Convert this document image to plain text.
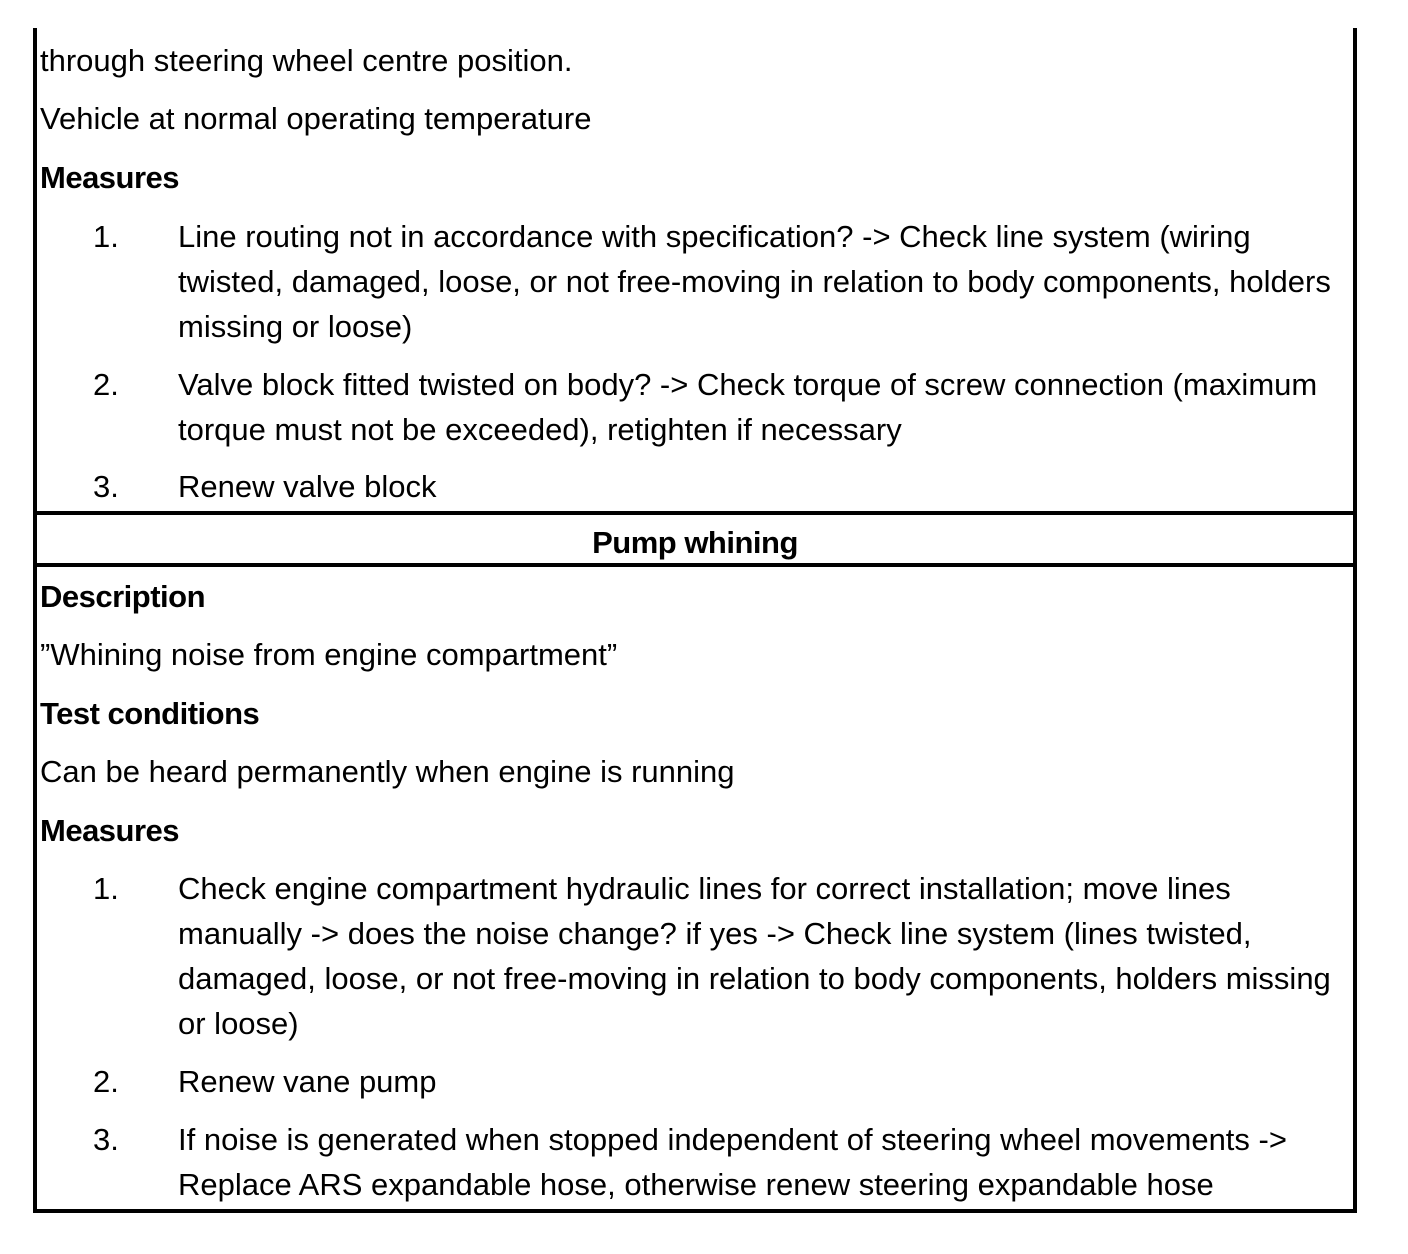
through steering wheel centre position.
Vehicle at normal operating temperature
Measures
1. Line routing not in accordance with specification? -> Check line system (wiring twisted, damaged, loose, or not free-moving in relation to body components, holders missing or loose)
2. Valve block fitted twisted on body? -> Check torque of screw connection (maximum torque must not be exceeded), retighten if necessary
3. Renew valve block
Pump whining
Description
”Whining noise from engine compartment”
Test conditions
Can be heard permanently when engine is running
Measures
1. Check engine compartment hydraulic lines for correct installation; move lines manually -> does the noise change? if yes -> Check line system (lines twisted, damaged, loose, or not free-moving in relation to body components, holders missing or loose)
2. Renew vane pump
3. If noise is generated when stopped independent of steering wheel movements -> Replace ARS expandable hose, otherwise renew steering expandable hose
